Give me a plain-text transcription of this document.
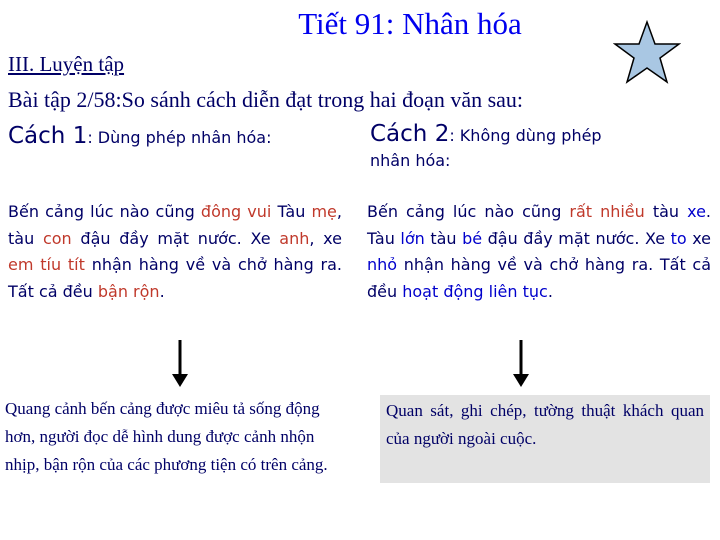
Tiết 91: Nhân hóa
III. Luyện tập
Bài tập 2/58:So sánh cách diễn đạt trong hai đoạn văn sau:
Cách 1: Dùng phép nhân hóa:	Cách 2: Không dùng phép
nhân hóa:
Bến cảng lúc nào cũng đông vui Tàu mẹ, tàu con đậu đầy mặt nước. Xe anh, xe em tíu tít nhận hàng về và chở hàng ra. Tất cả đều bận rộn.
Bến cảng lúc nào cũng rất nhiều tàu xe. Tàu lớn tàu bé đậu đầy mặt nước. Xe to xe nhỏ nhận hàng về và chở hàng ra. Tất cả đều hoạt động liên tục.
Quang cảnh bến cảng được miêu tả sống động hơn, người đọc dễ hình dung được cảnh nhộn nhịp, bận rộn của các phương tiện có trên cảng.
Quan sát, ghi chép, tường thuật khách quan của người ngoài cuộc.
